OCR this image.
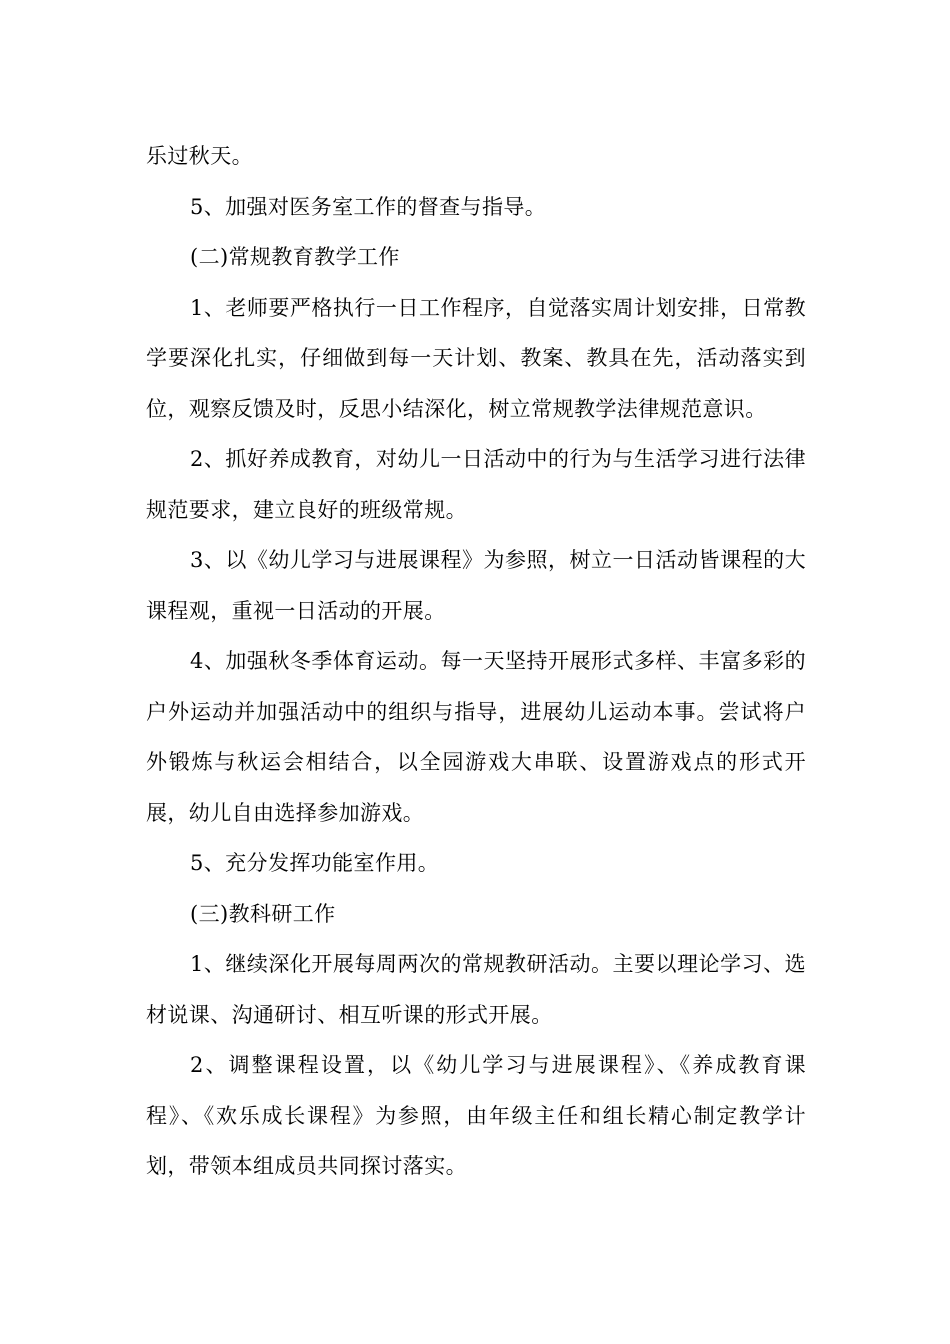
乐过秋天。

5、加强对医务室工作的督查与指导。

(二)常规教育教学工作

1、老师要严格执行一日工作程序，自觉落实周计划安排，日常教学要深化扎实，仔细做到每一天计划、教案、教具在先，活动落实到位，观察反馈及时，反思小结深化，树立常规教学法律规范意识。

2、抓好养成教育，对幼儿一日活动中的行为与生活学习进行法律规范要求，建立良好的班级常规。

3、以《幼儿学习与进展课程》为参照，树立一日活动皆课程的大课程观，重视一日活动的开展。

4、加强秋冬季体育运动。每一天坚持开展形式多样、丰富多彩的户外运动并加强活动中的组织与指导，进展幼儿运动本事。尝试将户外锻炼与秋运会相结合，以全园游戏大串联、设置游戏点的形式开展，幼儿自由选择参加游戏。

5、充分发挥功能室作用。

(三)教科研工作

1、继续深化开展每周两次的常规教研活动。主要以理论学习、选材说课、沟通研讨、相互听课的形式开展。

2、调整课程设置，以《幼儿学习与进展课程》、《养成教育课程》、《欢乐成长课程》为参照，由年级主任和组长精心制定教学计划，带领本组成员共同探讨落实。
